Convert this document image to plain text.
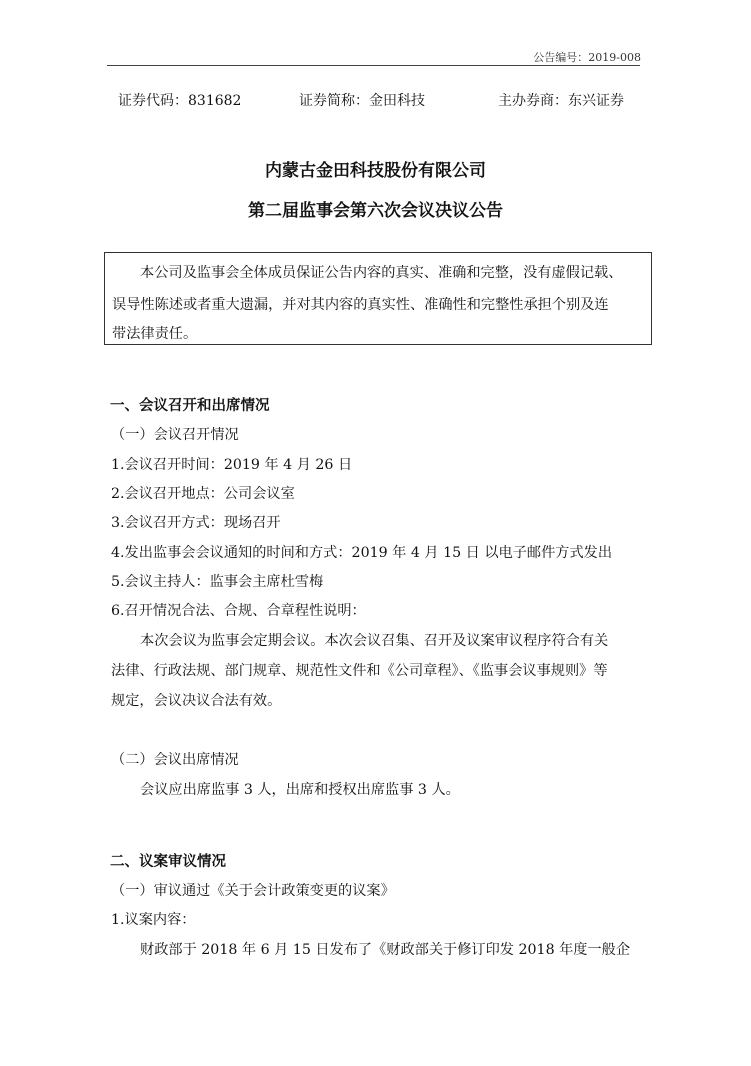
公告编号：2019-008
证券代码：831682	证券简称：金田科技	主办券商：东兴证券
内蒙古金田科技股份有限公司
第二届监事会第六次会议决议公告
本公司及监事会全体成员保证公告内容的真实、准确和完整，没有虚假记载、
误导性陈述或者重大遗漏，并对其内容的真实性、准确性和完整性承担个别及连
带法律责任。
一、会议召开和出席情况
（一）会议召开情况
1.会议召开时间：2019 年 4 月 26 日
2.会议召开地点：公司会议室
3.会议召开方式：现场召开
4.发出监事会会议通知的时间和方式：2019 年 4 月 15 日 以电子邮件方式发出
5.会议主持人：监事会主席杜雪梅
6.召开情况合法、合规、合章程性说明：
本次会议为监事会定期会议。本次会议召集、召开及议案审议程序符合有关
法律、行政法规、部门规章、规范性文件和《公司章程》、《监事会议事规则》等
规定，会议决议合法有效。
（二）会议出席情况
会议应出席监事 3 人，出席和授权出席监事 3 人。
二、议案审议情况
（一）审议通过《关于会计政策变更的议案》
1.议案内容：
财政部于 2018 年 6 月 15 日发布了《财政部关于修订印发 2018 年度一般企
